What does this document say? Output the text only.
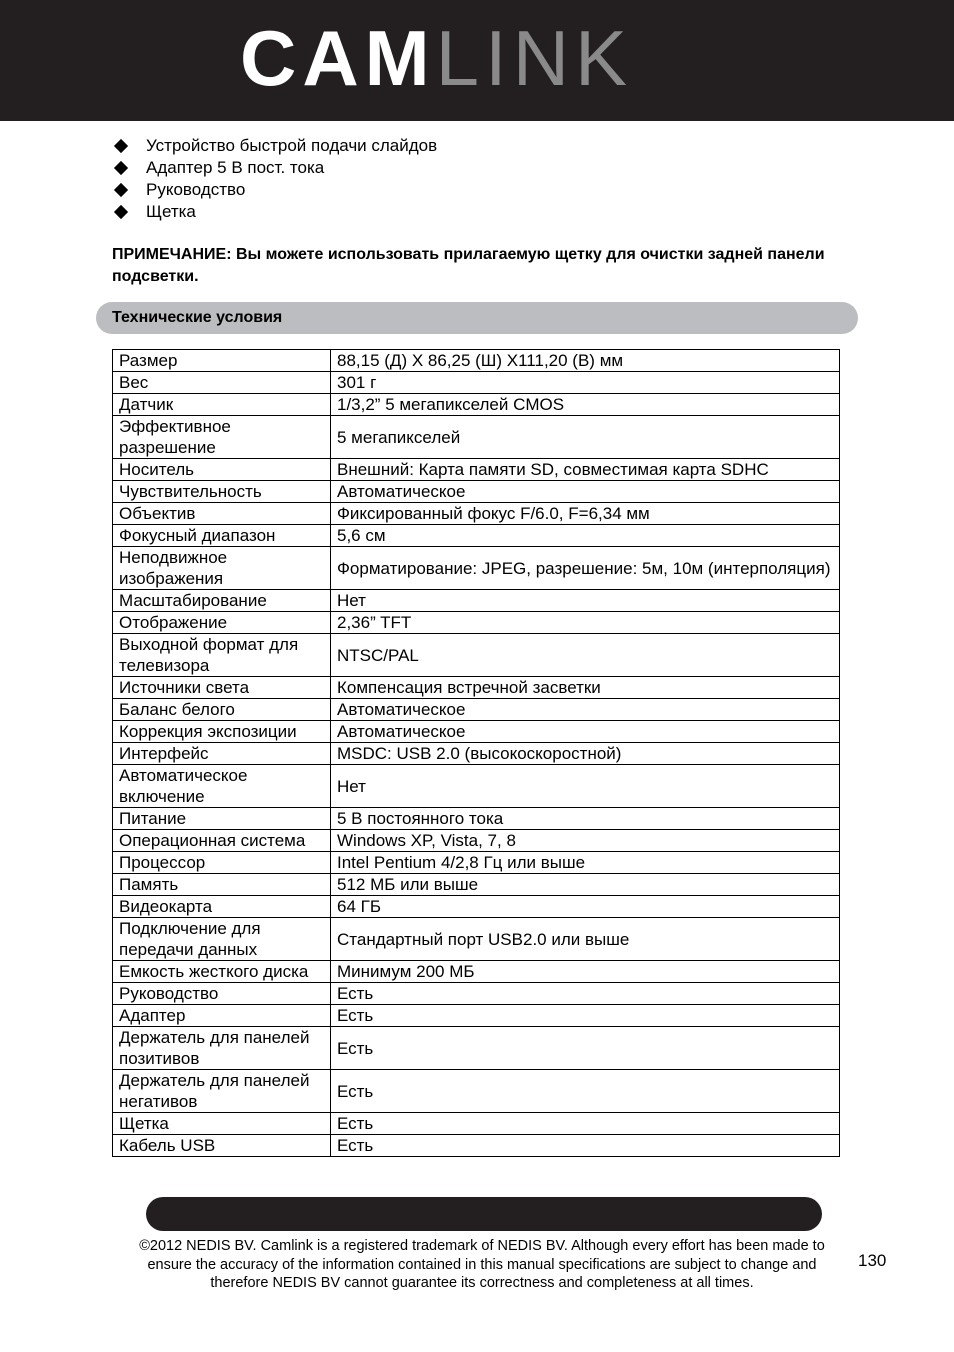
CAMLINK
Устройство быстрой подачи слайдов
Адаптер 5 В пост. тока
Руководство
Щетка
ПРИМЕЧАНИЕ: Вы можете использовать прилагаемую щетку для очистки задней панели подсветки.
Технические условия
Размер	88,15 (Д) X 86,25 (Ш) X111,20 (В) мм
Вес	301 г
Датчик	1/3,2” 5 мегапикселей CMOS
Эффективное разрешение	5 мегапикселей
Носитель	Внешний: Карта памяти SD, совместимая карта SDHC
Чувствительность	Автоматическое
Объектив	Фиксированный фокус F/6.0, F=6,34 мм
Фокусный диапазон	5,6 см
Неподвижное изображения	Форматирование: JPEG, разрешение: 5м, 10м (интерполяция)
Масштабирование	Нет
Отображение	2,36” TFT
Выходной формат для телевизора	NTSC/PAL
Источники света	Компенсация встречной засветки
Баланс белого	Автоматическое
Коррекция экспозиции	Автоматическое
Интерфейс	MSDC: USB 2.0 (высокоскоростной)
Автоматическое включение	Нет
Питание	5 В постоянного тока
Операционная система	Windows XP, Vista, 7, 8
Процессор	Intel Pentium 4/2,8 Гц или выше
Память	512 МБ или выше
Видеокарта	64 ГБ
Подключение для передачи данных	Стандартный порт USB2.0 или выше
Емкость жесткого диска	Минимум 200 МБ
Руководство	Есть
Адаптер	Есть
Держатель для панелей позитивов	Есть
Держатель для панелей негативов	Есть
Щетка	Есть
Кабель USB	Есть
©2012 NEDIS BV. Camlink is a registered trademark of NEDIS BV. Although every effort has been made to ensure the accuracy of the information contained in this manual specifications are subject to change and therefore NEDIS BV cannot guarantee its correctness and completeness at all times.
130
